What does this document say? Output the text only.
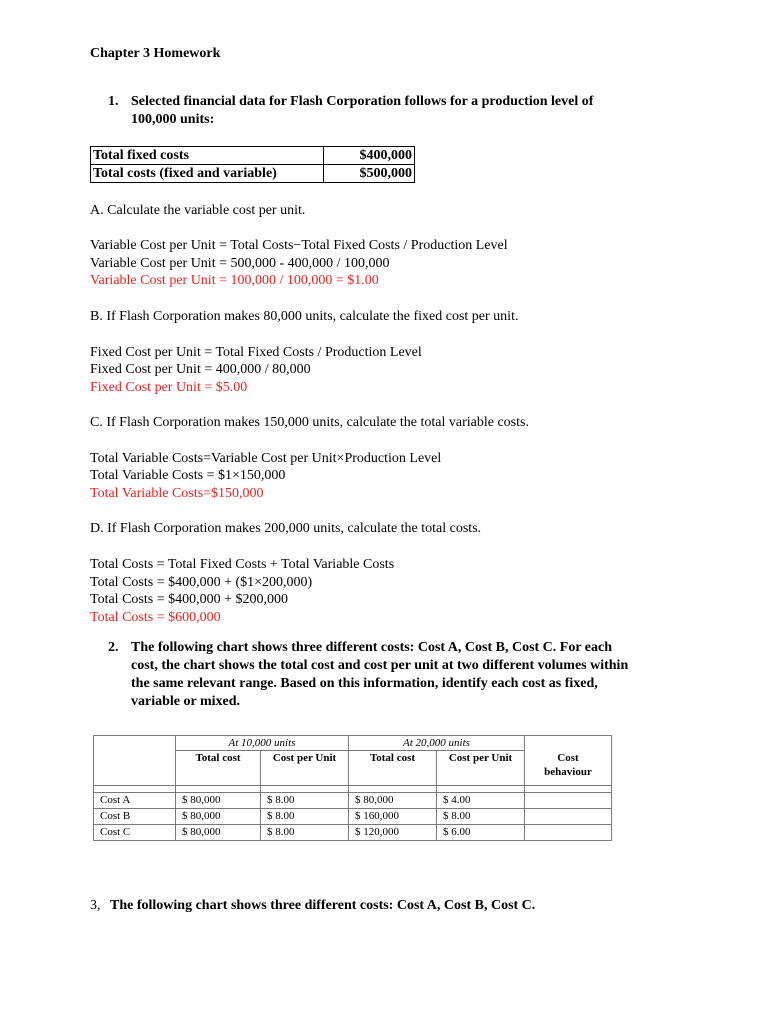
Chapter 3 Homework
1. Selected financial data for Flash Corporation follows for a production level of
100,000 units:
Total fixed costs	$400,000
Total costs (fixed and variable)	$500,000
A. Calculate the variable cost per unit.
Variable Cost per Unit = Total Costs−Total Fixed Costs / Production Level
Variable Cost per Unit = 500,000 - 400,000 / 100,000
Variable Cost per Unit = 100,000 / 100,000 = $1.00
B. If Flash Corporation makes 80,000 units, calculate the fixed cost per unit.
Fixed Cost per Unit = Total Fixed Costs / Production Level
Fixed Cost per Unit = 400,000 / 80,000
Fixed Cost per Unit = $5.00
C. If Flash Corporation makes 150,000 units, calculate the total variable costs.
Total Variable Costs=Variable Cost per Unit×Production Level
Total Variable Costs = $1×150,000
Total Variable Costs=$150,000
D. If Flash Corporation makes 200,000 units, calculate the total costs.
Total Costs = Total Fixed Costs + Total Variable Costs
Total Costs = $400,000 + ($1×200,000)
Total Costs = $400,000 + $200,000
Total Costs = $600,000
2. The following chart shows three different costs: Cost A, Cost B, Cost C. For each
cost, the chart shows the total cost and cost per unit at two different volumes within
the same relevant range. Based on this information, identify each cost as fixed,
variable or mixed.
	At 10,000 units		At 20,000 units		
	Total cost	Cost per Unit	Total cost	Cost per Unit	Cost
behaviour

Cost A	$ 80,000	$ 8.00	$ 80,000	$ 4.00	
Cost B	$ 80,000	$ 8.00	$ 160,000	$ 8.00	
Cost C	$ 80,000	$ 8.00	$ 120,000	$ 6.00	
3, The following chart shows three different costs: Cost A, Cost B, Cost C.
